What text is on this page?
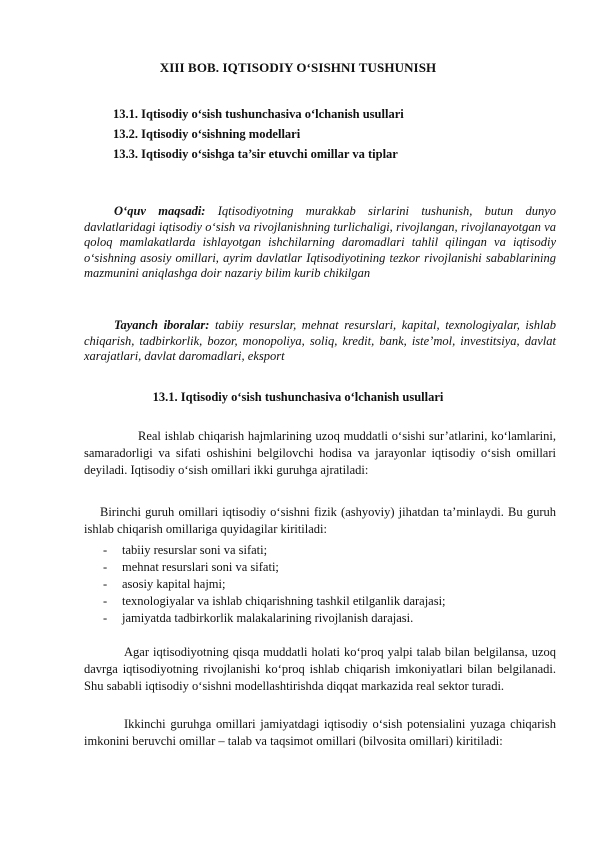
XIII BOB. IQTISODIY O‘SISHNI TUSHUNISH
13.1. Iqtisodiy o‘sish tushunchasiva o‘lchanish usullari
13.2. Iqtisodiy o‘sishning modellari
13.3. Iqtisodiy o‘sishga ta’sir etuvchi omillar va tiplar
O‘quv maqsadi: Iqtisodiyotning murakkab sirlarini tushunish, butun dunyo davlatlaridagi iqtisodiy o‘sish va rivojlanishning turlichaligi, rivojlangan, rivojlanayotgan va qoloq mamlakatlarda ishlayotgan ishchilarning daromadlari tahlil qilingan va iqtisodiy o‘sishning asosiy omillari, ayrim davlatlar Iqtisodiyotining tezkor rivojlanishi sabablarining mazmunini aniqlashga doir nazariy bilim kurib chikilgan
Tayanch iboralar: tabiiy resurslar, mehnat resurslari, kapital, texnologiyalar, ishlab chiqarish, tadbirkorlik, bozor, monopoliya, soliq, kredit, bank, iste’mol, investitsiya, davlat xarajatlari, davlat daromadlari, eksport
13.1. Iqtisodiy o‘sish tushunchasiva o‘lchanish usullari
Real ishlab chiqarish hajmlarining uzoq muddatli o‘sishi sur’atlarini, ko‘lamlarini, samaradorligi va sifati oshishini belgilovchi hodisa va jarayonlar iqtisodiy o‘sish omillari deyiladi. Iqtisodiy o‘sish omillari ikki guruhga ajratiladi:
Birinchi guruh omillari iqtisodiy o‘sishni fizik (ashyoviy) jihatdan ta’minlaydi. Bu guruh ishlab chiqarish omillariga quyidagilar kiritiladi:
- tabiiy resurslar soni va sifati;
- mehnat resurslari soni va sifati;
- asosiy kapital hajmi;
- texnologiyalar va ishlab chiqarishning tashkil etilganlik darajasi;
- jamiyatda tadbirkorlik malakalarining rivojlanish darajasi.
Agar iqtisodiyotning qisqa muddatli holati ko‘proq yalpi talab bilan belgilansa, uzoq davrga iqtisodiyotning rivojlanishi ko‘proq ishlab chiqarish imkoniyatlari bilan belgilanadi. Shu sababli iqtisodiy o‘sishni modellashtirishda diqqat markazida real sektor turadi.
Ikkinchi guruhga omillari jamiyatdagi iqtisodiy o‘sish potensialini yuzaga chiqarish imkonini beruvchi omillar – talab va taqsimot omillari (bilvosita omillari) kiritiladi:
